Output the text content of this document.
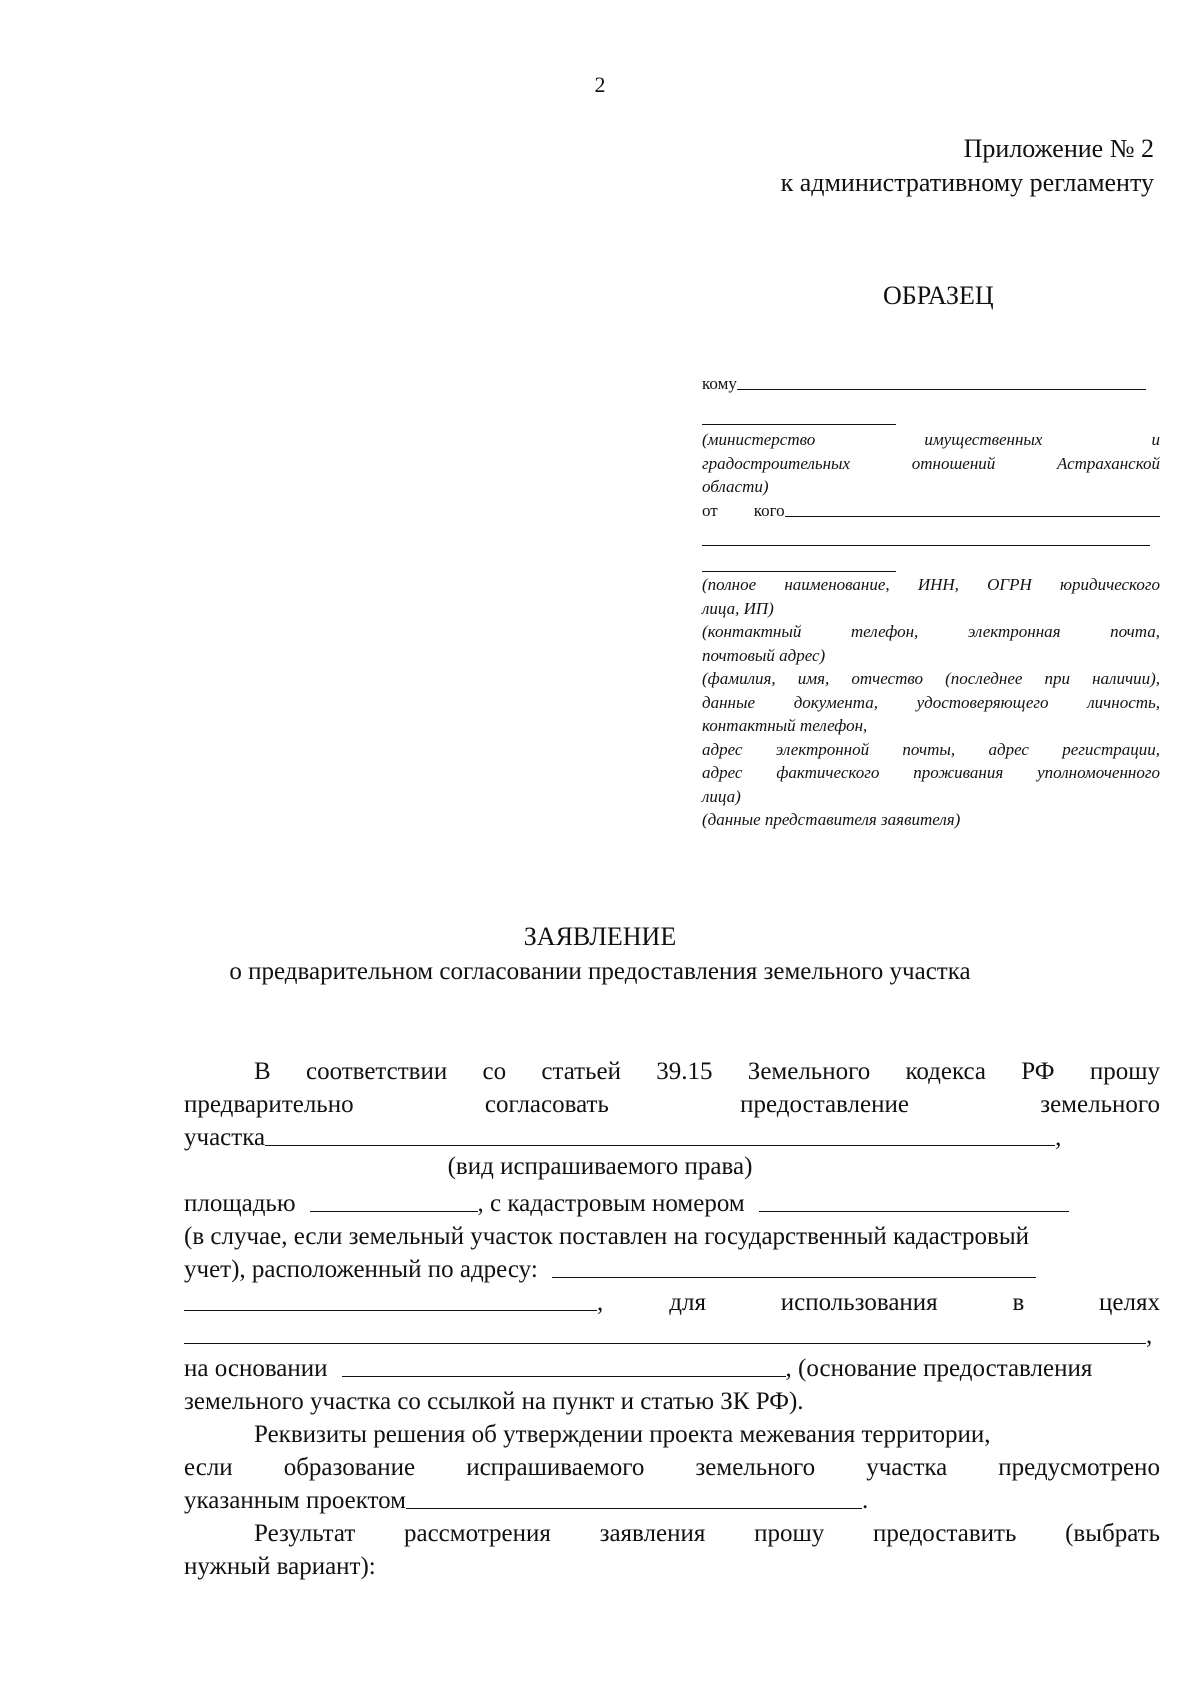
2
Приложение № 2
к административному регламенту
ОБРАЗЕЦ
кому
(министерство имущественных и
градостроительных отношений Астраханской
области)
от кого
(полное наименование, ИНН, ОГРН юридического
лица, ИП)
(контактный телефон, электронная почта,
почтовый адрес)
(фамилия, имя, отчество (последнее при наличии),
данные документа, удостоверяющего личность,
контактный телефон,
адрес электронной почты, адрес регистрации,
адрес фактического проживания уполномоченного
лица)
(данные представителя заявителя)
ЗАЯВЛЕНИЕ
о предварительном согласовании предоставления земельного участка
В соответствии со статьей 39.15 Земельного кодекса РФ прошу
предварительно	согласовать	предоставление	земельного
участка	,
(вид испрашиваемого права)
площадью	, с кадастровым номером
(в случае, если земельный участок поставлен на государственный кадастровый
учет), расположенный по адресу:
,	для	использования	в	целях
,
на основании	, (основание предоставления
земельного участка со ссылкой на пункт и статью ЗК РФ).
Реквизиты решения об утверждении проекта межевания территории,
если образование испрашиваемого земельного участка предусмотрено
указанным проектом	.
Результат рассмотрения заявления прошу предоставить (выбрать
нужный вариант):
